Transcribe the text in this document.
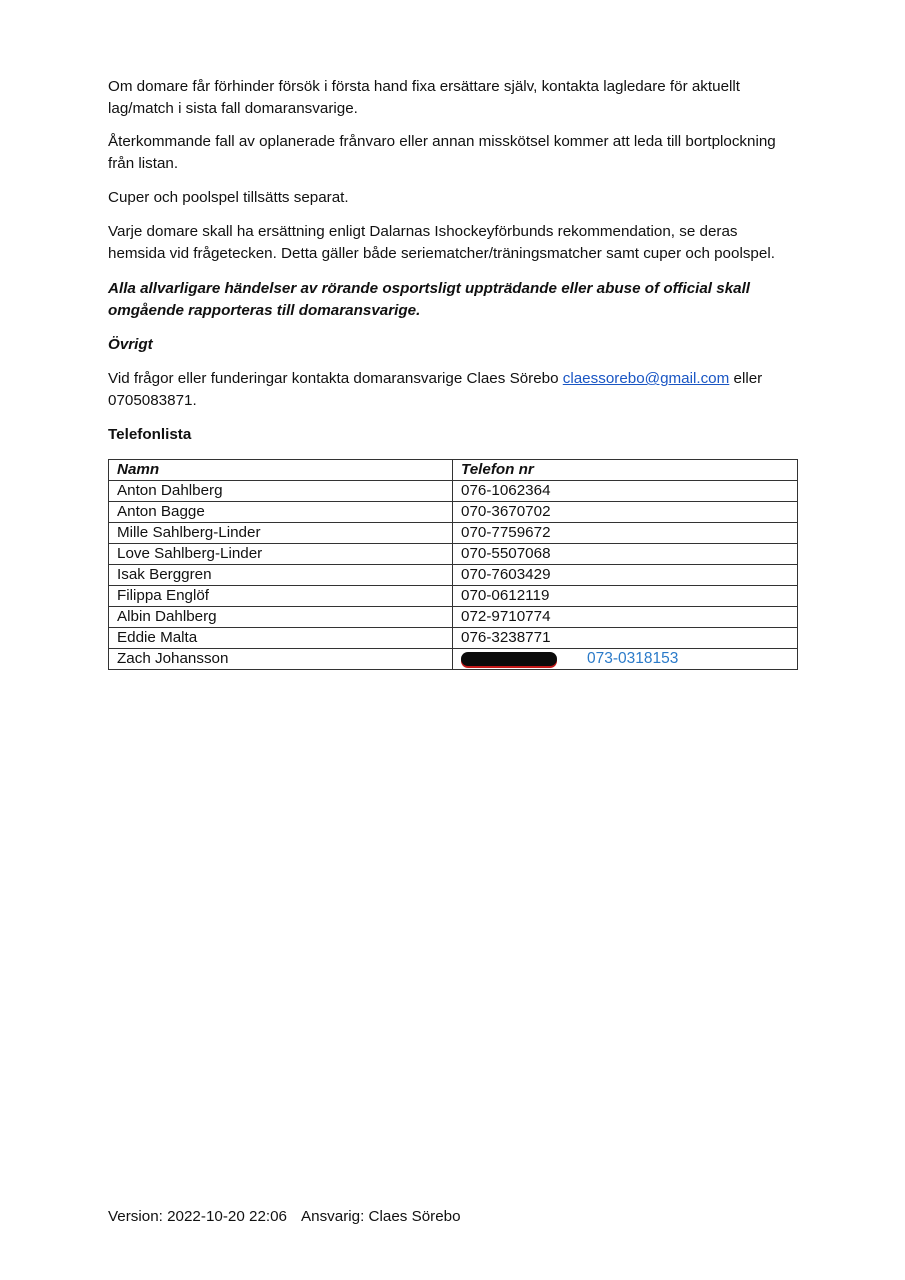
Om domare får förhinder försök i första hand fixa ersättare själv, kontakta lagledare för aktuellt lag/match i sista fall domaransvarige.

Återkommande fall av oplanerade frånvaro eller annan misskötsel kommer att leda till bortplockning från listan.

Cuper och poolspel tillsätts separat.

Varje domare skall ha ersättning enligt Dalarnas Ishockeyförbunds rekommendation, se deras hemsida vid frågetecken. Detta gäller både seriematcher/träningsmatcher samt cuper och poolspel.

Alla allvarligare händelser av rörande osportsligt uppträdande eller abuse of official skall omgående rapporteras till domaransvarige.

Övrigt

Vid frågor eller funderingar kontakta domaransvarige Claes Sörebo claessorebo@gmail.com eller 0705083871.

Telefonlista

Namn	Telefon nr
Anton Dahlberg	076-1062364
Anton Bagge	070-3670702
Mille Sahlberg-Linder	070-7759672
Love Sahlberg-Linder	070-5507068
Isak Berggren	070-7603429
Filippa Englöf	070-0612119
Albin Dahlberg	072-9710774
Eddie Malta	076-3238771
Zach Johansson	073-0318153
Version: 2022-10-20 22:06 Ansvarig: Claes Sörebo
